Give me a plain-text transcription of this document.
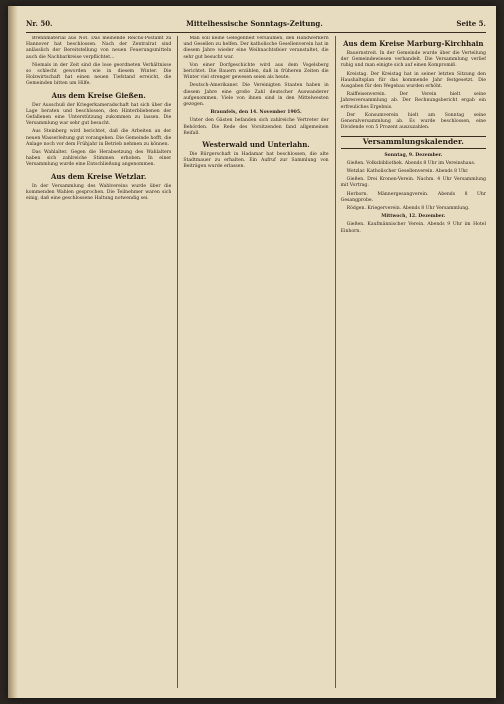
Nr. 50.	Mittelhessische Sonntags-Zeitung.	Seite 5.

Brennmaterial aus Not. Das meinende Reichs-Postamt zu Hannover hat beschlossen. Nach der Zentralrat sind anlässlich der Bereitstellung von neuen Feuerungsmitteln auch die Nachbarkreise verpflichtet...

Niemals in der Zeit sind die lose geordneten Verhältnisse so schlecht geworden wie in diesem Winter. Die Holzwirtschaft hat einen neuen Tiefstand erreicht, die Gemeinden bitten um Hilfe.

Aus dem Kreise Gießen.

Der Ausschuß der Kriegerkameradschaft hat sich über die Lage beraten und beschlossen, den Hinterbliebenen der Gefallenen eine Unterstützung zukommen zu lassen. Die Versammlung war sehr gut besucht.

Aus Steinberg wird berichtet, daß die Arbeiten an der neuen Wasserleitung gut vorangehen. Die Gemeinde hofft, die Anlage noch vor dem Frühjahr in Betrieb nehmen zu können.

Das Wahlalter. Gegen die Herabsetzung des Wahlalters haben sich zahlreiche Stimmen erhoben. In einer Versammlung wurde eine Entschließung angenommen.

Aus dem Kreise Wetzlar.

In der Versammlung des Wahlvereins wurde über die kommenden Wahlen gesprochen. Die Teilnehmer waren sich einig, daß eine geschlossene Haltung notwendig sei.

Man soll keine Gelegenheit versäumen, den Handwerkern und Gesellen zu helfen. Der katholische Gesellenverein hat in diesem Jahre wieder eine Weihnachtsfeier veranstaltet, die sehr gut besucht war.

Von einer Dorfgeschichte wird aus dem Vogelsberg berichtet. Die Bauern erzählen, daß in früheren Zeiten die Winter viel strenger gewesen seien als heute.

Deutsch-Amerikaner. Die Vereinigten Staaten haben in diesem Jahre eine große Zahl deutscher Auswanderer aufgenommen. Viele von ihnen sind in den Mittelwesten gezogen.

Braunfels, den 14. November 1905.

Unter den Gästen befanden sich zahlreiche Vertreter der Behörden. Die Rede des Vorsitzenden fand allgemeinen Beifall.

Westerwald und Unterlahn.

Die Bürgerschaft in Hadamar hat beschlossen, die alte Stadtmauer zu erhalten. Ein Aufruf zur Sammlung von Beiträgen wurde erlassen.

Aus dem Kreise Marburg-Kirchhain

Bauernstreit. In der Gemeinde wurde über die Verteilung der Gemeindewiesen verhandelt. Die Versammlung verlief ruhig und man einigte sich auf einen Kompromiß.

Kreistag. Der Kreistag hat in seiner letzten Sitzung den Haushaltsplan für das kommende Jahr festgesetzt. Die Ausgaben für den Wegebau wurden erhöht.

Raiffeisenverein. Der Verein hielt seine Jahresversammlung ab. Der Rechnungsbericht ergab ein erfreuliches Ergebnis.

Der Konsumverein hielt am Sonntag seine Generalversammlung ab. Es wurde beschlossen, eine Dividende von 5 Prozent auszuzahlen.

Versammlungskalender.

Sonntag, 9. Dezember.

Gießen. Volksbibliothek. Abends 8 Uhr im Vereinshaus.

Wetzlar. Katholischer Gesellenverein. Abends 8 Uhr.

Gießen. Drei Kronen-Verein. Nachm. 4 Uhr Versammlung mit Vortrag.

Herborn. Männergesangverein. Abends 8 Uhr Gesangprobe.

Rödgen. Kriegerverein. Abends 8 Uhr Versammlung.

Mittwoch, 12. Dezember.

Gießen. Kaufmännischer Verein. Abends 9 Uhr im Hotel Einhorn.
